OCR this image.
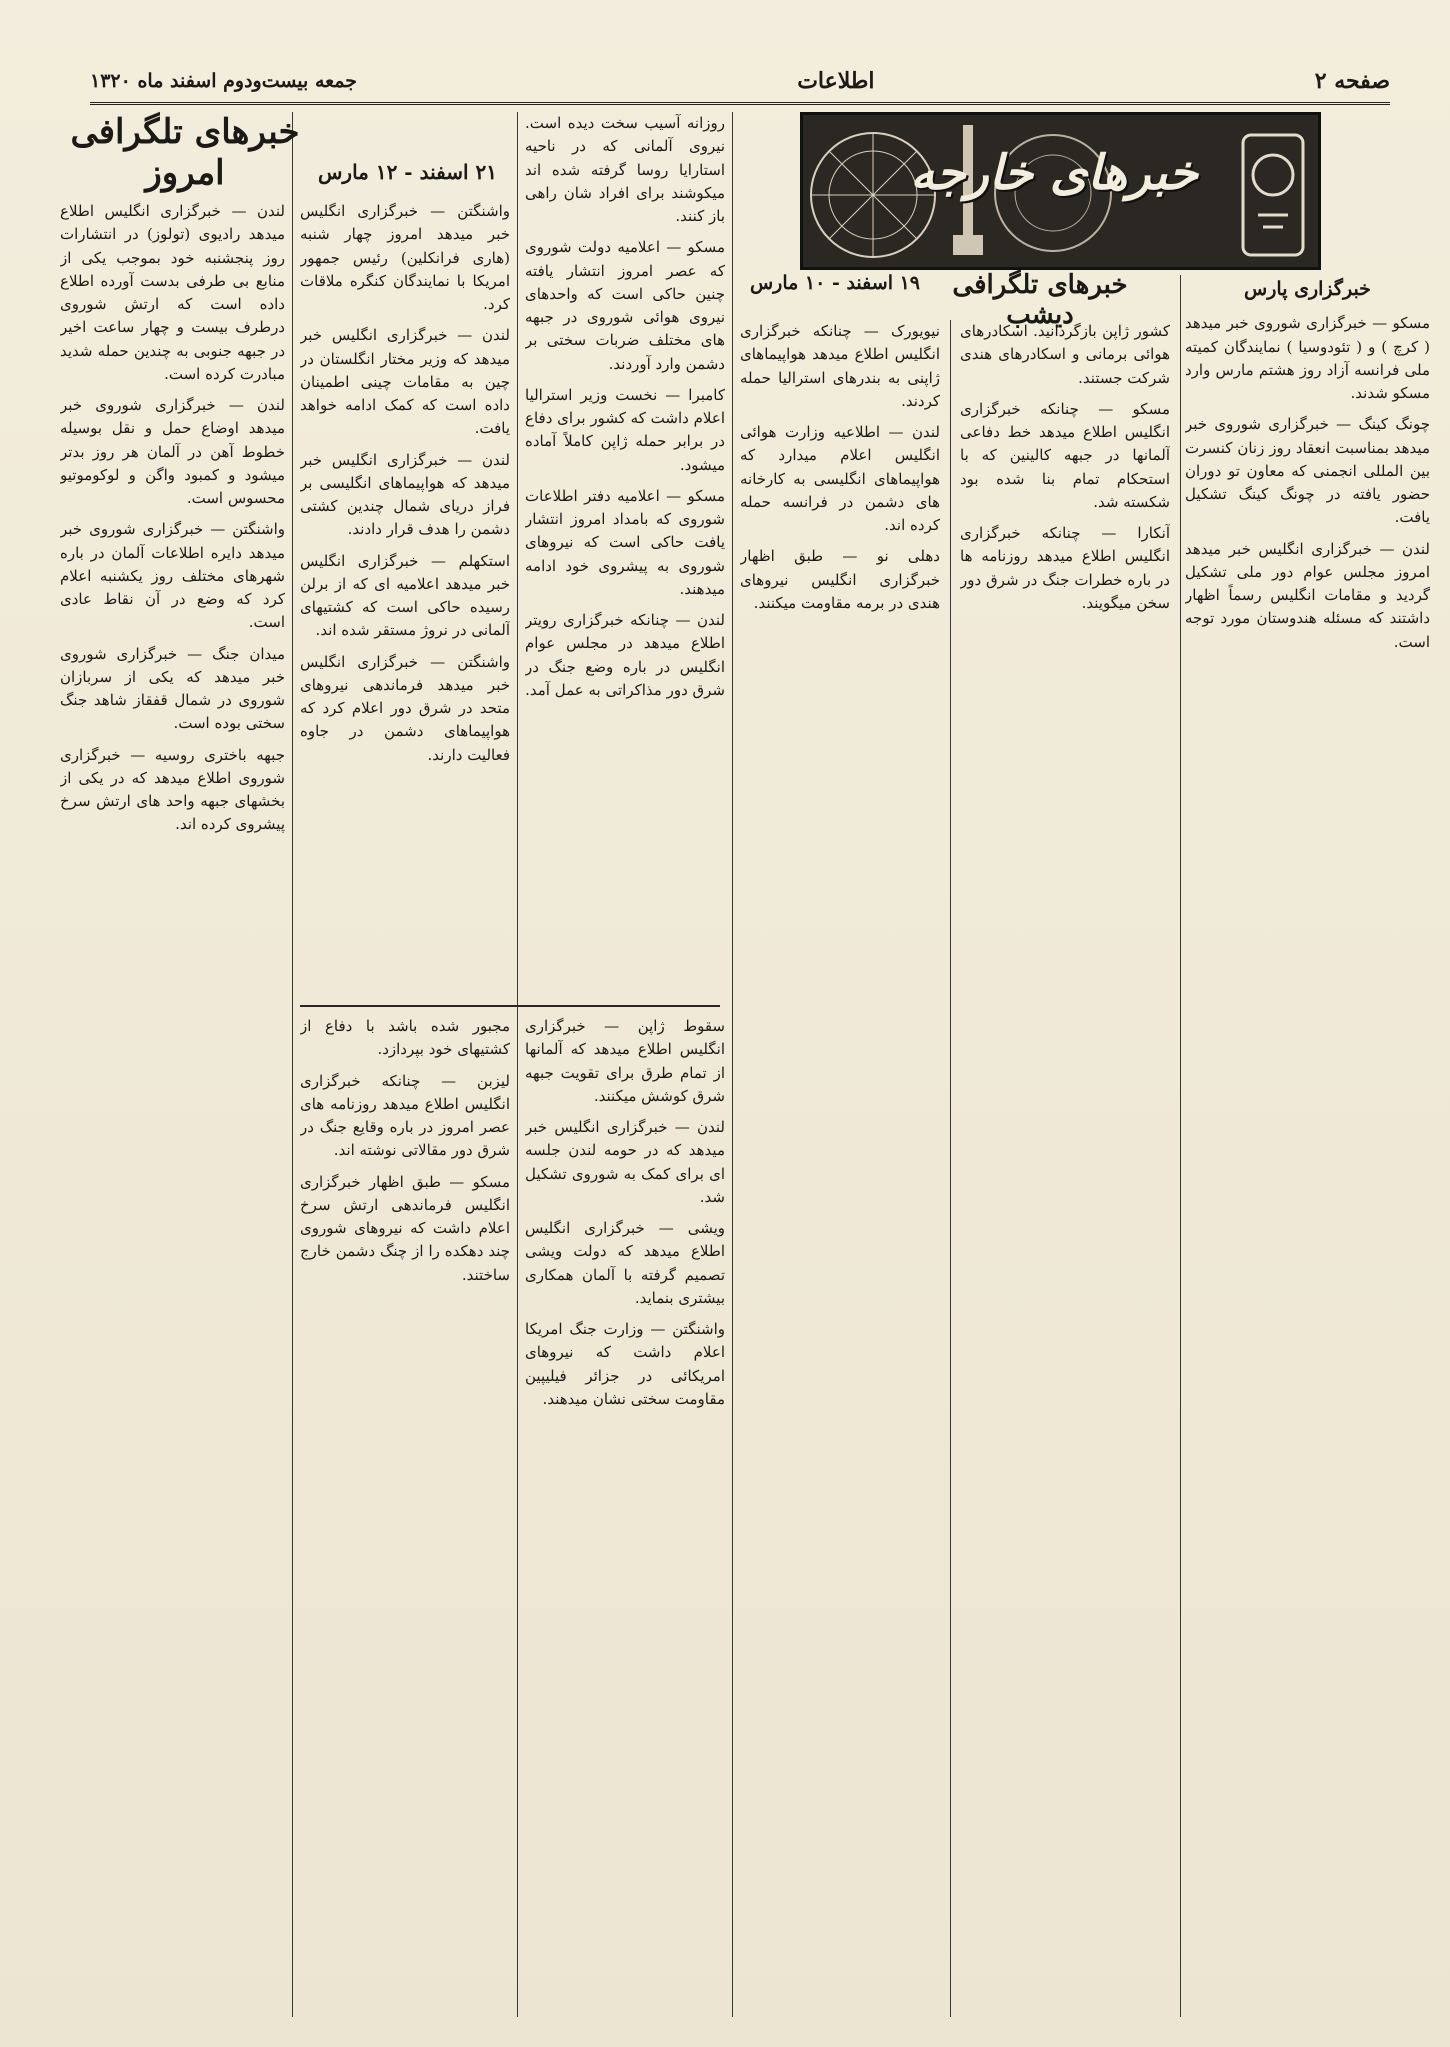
صفحه ۲
اطلاعات
جمعه بیست‌و‌دوم اسفند ماه ۱۳۲۰
خبرهای خارجه

خبرگزاری پارس

مسکو — خبرگزاری شوروی خبر میدهد ( کرچ ) و ( تئودوسیا ) نمایندگان کمیته ملی فرانسه آزاد روز هشتم مارس وارد مسکو شدند.

چونگ کینگ — خبرگزاری شوروی خبر میدهد بمناسبت انعقاد روز زنان کنسرت بین المللی انجمنی که معاون تو دوران حضور یافته در چونگ کینگ تشکیل یافت.

لندن — خبرگزاری انگلیس خبر میدهد امروز مجلس عوام دور ملی تشکیل گردید و مقامات انگلیس رسماً اظهار داشتند که مسئله هندوستان مورد توجه است.

خبرهای تلگرافی دیشب
۱۹ اسفند - ۱۰ مارس

کشور ژاپن بازگردانید. اسکادرهای هوائی برمانی و اسکادرهای هندی شرکت جستند.

مسکو — چنانکه خبرگزاری انگلیس اطلاع میدهد خط دفاعی آلمانها در جبهه کالینین که با استحکام تمام بنا شده بود شکسته شد.

آنکارا — چنانکه خبرگزاری انگلیس اطلاع میدهد روزنامه ها در باره خطرات جنگ در شرق دور سخن میگویند.

نیویورک — چنانکه خبرگزاری انگلیس اطلاع میدهد هواپیماهای ژاپنی به بندرهای استرالیا حمله کردند.

لندن — اطلاعیه وزارت هوائی انگلیس اعلام میدارد که هواپیماهای انگلیسی به کارخانه های دشمن در فرانسه حمله کرده اند.

دهلی نو — طبق اظهار خبرگزاری انگلیس نیروهای هندی در برمه مقاومت میکنند.

روزانه آسیب سخت دیده است. نیروی آلمانی که در ناحیه استارایا روسا گرفته شده اند میکوشند برای افراد شان راهی باز کنند.

مسکو — اعلامیه دولت شوروی که عصر امروز انتشار یافته چنین حاکی است که واحدهای نیروی هوائی شوروی در جبهه های مختلف ضربات سختی بر دشمن وارد آوردند.

کامبرا — نخست وزیر استرالیا اعلام داشت که کشور برای دفاع در برابر حمله ژاپن کاملاً آماده میشود.

مسکو — اعلامیه دفتر اطلاعات شوروی که بامداد امروز انتشار یافت حاکی است که نیروهای شوروی به پیشروی خود ادامه میدهند.

لندن — چنانکه خبرگزاری رویتر اطلاع میدهد در مجلس عوام انگلیس در باره وضع جنگ در شرق دور مذاکراتی به عمل آمد.

۲۱ اسفند - ۱۲ مارس

واشنگتن — خبرگزاری انگلیس خبر میدهد امروز چهار شنبه (هاری فرانکلین) رئیس جمهور امریکا با نمایندگان کنگره ملاقات کرد.

لندن — خبرگزاری انگلیس خبر میدهد که وزیر مختار انگلستان در چین به مقامات چینی اطمینان داده است که کمک ادامه خواهد یافت.

لندن — خبرگزاری انگلیس خبر میدهد که هواپیماهای انگلیسی بر فراز دریای شمال چندین کشتی دشمن را هدف قرار دادند.

استکهلم — خبرگزاری انگلیس خبر میدهد اعلامیه ای که از برلن رسیده حاکی است که کشتیهای آلمانی در نروژ مستقر شده اند.

واشنگتن — خبرگزاری انگلیس خبر میدهد فرماندهی نیروهای متحد در شرق دور اعلام کرد که هواپیماهای دشمن در جاوه فعالیت دارند.

مجبور شده باشد با دفاع از کشتیهای خود بپردازد.

لیزبن — چنانکه خبرگزاری انگلیس اطلاع میدهد روزنامه های عصر امروز در باره وقایع جنگ در شرق دور مقالاتی نوشته اند.

مسکو — طبق اظهار خبرگزاری انگلیس فرماندهی ارتش سرخ اعلام داشت که نیروهای شوروی چند دهکده را از چنگ دشمن خارج ساختند.

سقوط ژاپن — خبرگزاری انگلیس اطلاع میدهد که آلمانها از تمام طرق برای تقویت جبهه شرق کوشش میکنند.

لندن — خبرگزاری انگلیس خبر میدهد که در حومه لندن جلسه ای برای کمک به شوروی تشکیل شد.

ویشی — خبرگزاری انگلیس اطلاع میدهد که دولت ویشی تصمیم گرفته با آلمان همکاری بیشتری بنماید.

واشنگتن — وزارت جنگ امریکا اعلام داشت که نیروهای امریکائی در جزائر فیلیپین مقاومت سختی نشان میدهند.

خبرهای تلگرافی امروز

لندن — خبرگزاری انگلیس اطلاع میدهد رادیوی (تولوز) در انتشارات روز پنجشنبه خود بموجب یکی از منابع بی طرفی بدست آورده اطلاع داده است که ارتش شوروی درطرف بیست و چهار ساعت اخیر در جبهه جنوبی به چندین حمله شدید مبادرت کرده است.

لندن — خبرگزاری شوروی خبر میدهد اوضاع حمل و نقل بوسیله خطوط آهن در آلمان هر روز بدتر میشود و کمبود واگن و لوکوموتیو محسوس است.

واشنگتن — خبرگزاری شوروی خبر میدهد دایره اطلاعات آلمان در باره شهرهای مختلف روز یکشنبه اعلام کرد که وضع در آن نقاط عادی است.

میدان جنگ — خبرگزاری شوروی خبر میدهد که یکی از سربازان شوروی در شمال قفقاز شاهد جنگ سختی بوده است.

جبهه باختری روسیه — خبرگزاری شوروی اطلاع میدهد که در یکی از بخشهای جبهه واحد های ارتش سرخ پیشروی کرده اند.
